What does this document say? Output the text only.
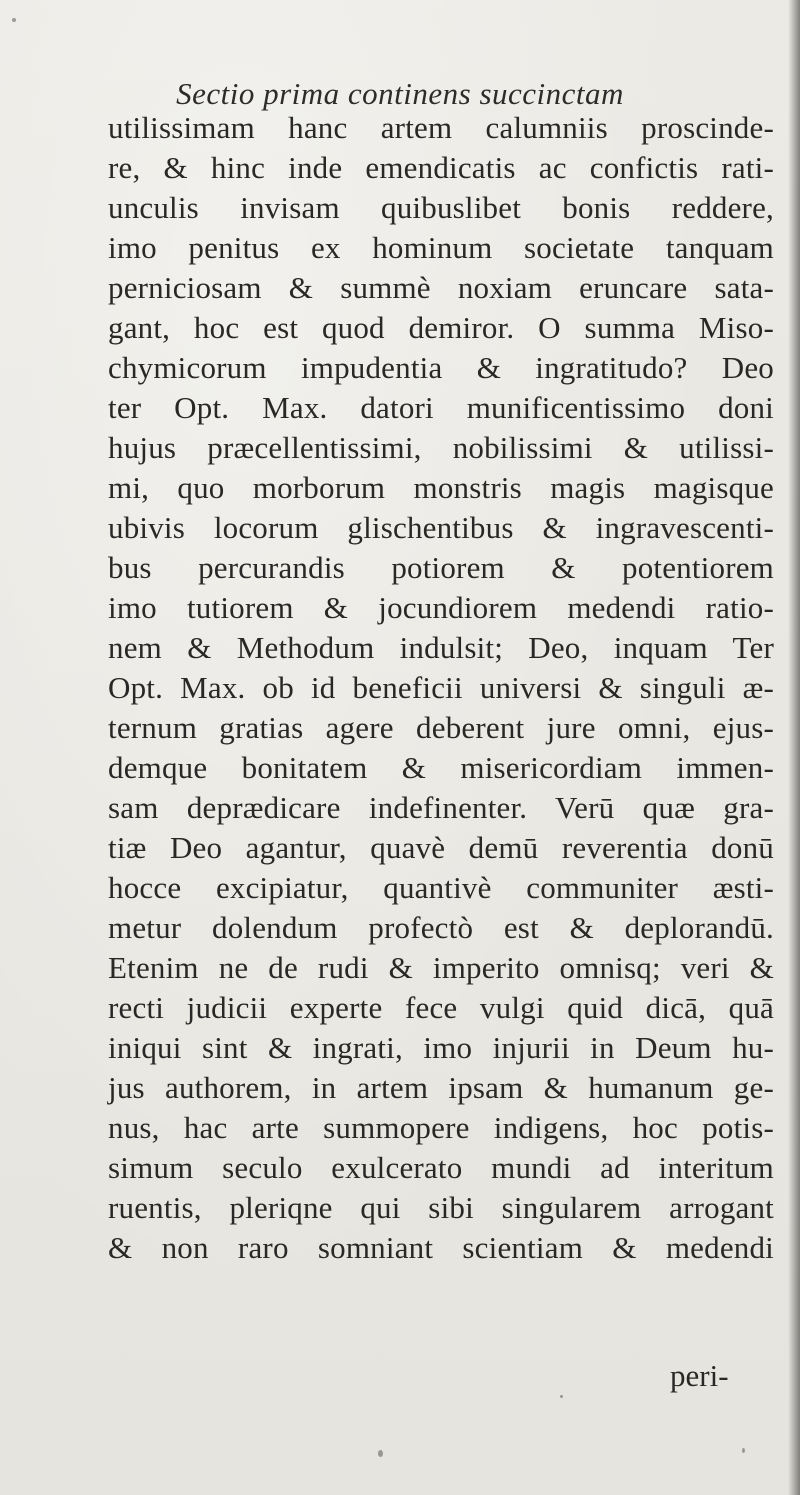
Sectio prima continens succinctam
utilissimam hanc artem calumniis proscinde-
re, & hinc inde emendicatis ac confictis rati-
unculis invisam quibuslibet bonis reddere,
imo penitus ex hominum societate tanquam
perniciosam & summè noxiam eruncare sata-
gant, hoc est quod demiror. O summa Miso-
chymicorum impudentia & ingratitudo? Deo
ter Opt. Max. datori munificentissimo doni
hujus præcellentissimi, nobilissimi & utilissi-
mi, quo morborum monstris magis magisque
ubivis locorum glischentibus & ingravescenti-
bus percurandis potiorem & potentiorem
imo tutiorem & jocundiorem medendi ratio-
nem & Methodum indulsit; Deo, inquam Ter
Opt. Max. ob id beneficii universi & singuli æ-
ternum gratias agere deberent jure omni, ejus-
demque bonitatem & misericordiam immen-
sam deprædicare indefinenter. Verū quæ gra-
tiæ Deo agantur, quavè demū reverentia donū
hocce excipiatur, quantivè communiter æsti-
metur dolendum profectò est & deplorandū.
Etenim ne de rudi & imperito omnisq; veri &
recti judicii experte fece vulgi quid dicā, quā
iniqui sint & ingrati, imo injurii in Deum hu-
jus authorem, in artem ipsam & humanum ge-
nus, hac arte summopere indigens, hoc potis-
simum seculo exulcerato mundi ad interitum
ruentis, pleriqne qui sibi singularem arrogant
& non raro somniant scientiam & medendi
peri-
